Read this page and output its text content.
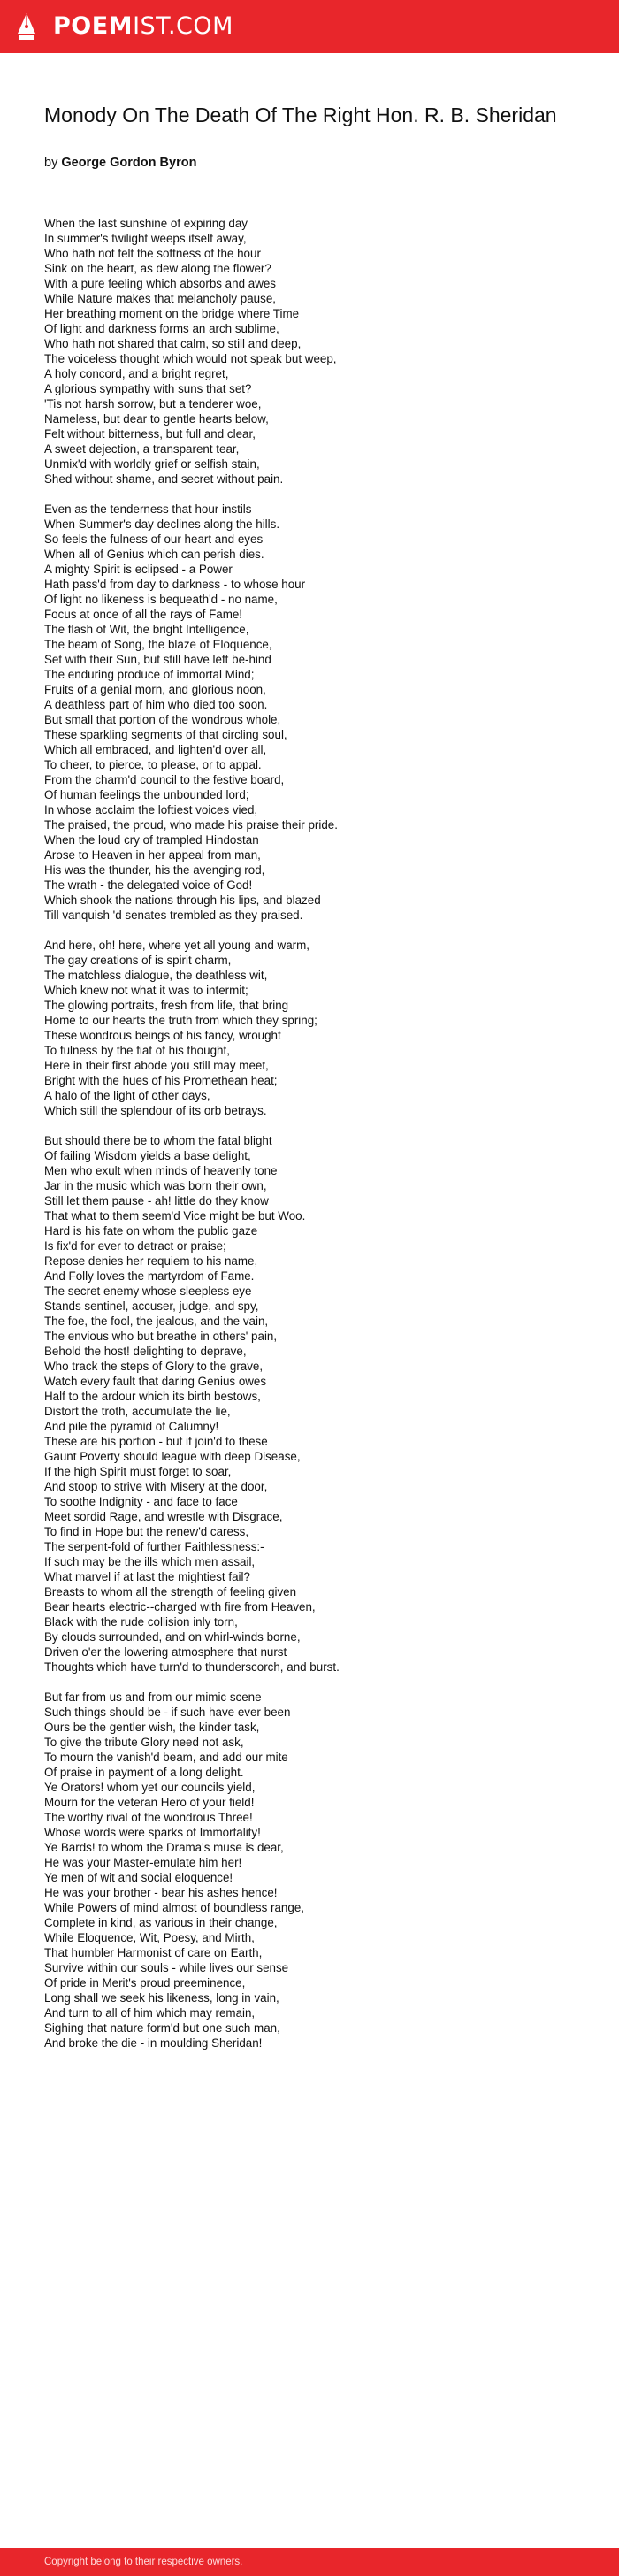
POEMIST.COM
Monody On The Death Of The Right Hon. R. B. Sheridan
by George Gordon Byron
When the last sunshine of expiring day
In summer's twilight weeps itself away,
Who hath not felt the softness of the hour
Sink on the heart, as dew along the flower?
With a pure feeling which absorbs and awes
While Nature makes that melancholy pause,
Her breathing moment on the bridge where Time
Of light and darkness forms an arch sublime,
Who hath not shared that calm, so still and deep,
The voiceless thought which would not speak but weep,
A holy concord, and a bright regret,
A glorious sympathy with suns that set?
'Tis not harsh sorrow, but a tenderer woe,
Nameless, but dear to gentle hearts below,
Felt without bitterness, but full and clear,
A sweet dejection, a transparent tear,
Unmix'd with worldly grief or selfish stain,
Shed without shame, and secret without pain.
Even as the tenderness that hour instils
When Summer's day declines along the hills.
So feels the fulness of our heart and eyes
When all of Genius which can perish dies.
A mighty Spirit is eclipsed - a Power
Hath pass'd from day to darkness - to whose hour
Of light no likeness is bequeath'd - no name,
Focus at once of all the rays of Fame!
The flash of Wit, the bright Intelligence,
The beam of Song, the blaze of Eloquence,
Set with their Sun, but still have left be-hind
The enduring produce of immortal Mind;
Fruits of a genial morn, and glorious noon,
A deathless part of him who died too soon.
But small that portion of the wondrous whole,
These sparkling segments of that circling soul,
Which all embraced, and lighten'd over all,
To cheer, to pierce, to please, or to appal.
From the charm'd council to the festive board,
Of human feelings the unbounded lord;
In whose acclaim the loftiest voices vied,
The praised, the proud, who made his praise their pride.
When the loud cry of trampled Hindostan
Arose to Heaven in her appeal from man,
His was the thunder, his the avenging rod,
The wrath - the delegated voice of God!
Which shook the nations through his lips, and blazed
Till vanquish 'd senates trembled as they praised.
And here, oh! here, where yet all young and warm,
The gay creations of is spirit charm,
The matchless dialogue, the deathless wit,
Which knew not what it was to intermit;
The glowing portraits, fresh from life, that bring
Home to our hearts the truth from which they spring;
These wondrous beings of his fancy, wrought
To fulness by the fiat of his thought,
Here in their first abode you still may meet,
Bright with the hues of his Promethean heat;
A halo of the light of other days,
Which still the splendour of its orb betrays.
But should there be to whom the fatal blight
Of failing Wisdom yields a base delight,
Men who exult when minds of heavenly tone
Jar in the music which was born their own,
Still let them pause - ah! little do they know
That what to them seem'd Vice might be but Woo.
Hard is his fate on whom the public gaze
Is fix'd for ever to detract or praise;
Repose denies her requiem to his name,
And Folly loves the martyrdom of Fame.
The secret enemy whose sleepless eye
Stands sentinel, accuser, judge, and spy,
The foe, the fool, the jealous, and the vain,
The envious who but breathe in others' pain,
Behold the host! delighting to deprave,
Who track the steps of Glory to the grave,
Watch every fault that daring Genius owes
Half to the ardour which its birth bestows,
Distort the troth, accumulate the lie,
And pile the pyramid of Calumny!
These are his portion - but if join'd to these
Gaunt Poverty should league with deep Disease,
If the high Spirit must forget to soar,
And stoop to strive with Misery at the door,
To soothe Indignity - and face to face
Meet sordid Rage, and wrestle with Disgrace,
To find in Hope but the renew'd caress,
The serpent-fold of further Faithlessness:-
If such may be the ills which men assail,
What marvel if at last the mightiest fail?
Breasts to whom all the strength of feeling given
Bear hearts electric--charged with fire from Heaven,
Black with the rude collision inly torn,
By clouds surrounded, and on whirl-winds borne,
Driven o'er the lowering atmosphere that nurst
Thoughts which have turn'd to thunderscorch, and burst.
But far from us and from our mimic scene
Such things should be - if such have ever been
Ours be the gentler wish, the kinder task,
To give the tribute Glory need not ask,
To mourn the vanish'd beam, and add our mite
Of praise in payment of a long delight.
Ye Orators! whom yet our councils yield,
Mourn for the veteran Hero of your field!
The worthy rival of the wondrous Three!
Whose words were sparks of Immortality!
Ye Bards! to whom the Drama's muse is dear,
He was your Master-emulate him her!
Ye men of wit and social eloquence!
He was your brother - bear his ashes hence!
While Powers of mind almost of boundless range,
Complete in kind, as various in their change,
While Eloquence, Wit, Poesy, and Mirth,
That humbler Harmonist of care on Earth,
Survive within our souls - while lives our sense
Of pride in Merit's proud preeminence,
Long shall we seek his likeness, long in vain,
And turn to all of him which may remain,
Sighing that nature form'd but one such man,
And broke the die - in moulding Sheridan!
Copyright belong to their respective owners.
